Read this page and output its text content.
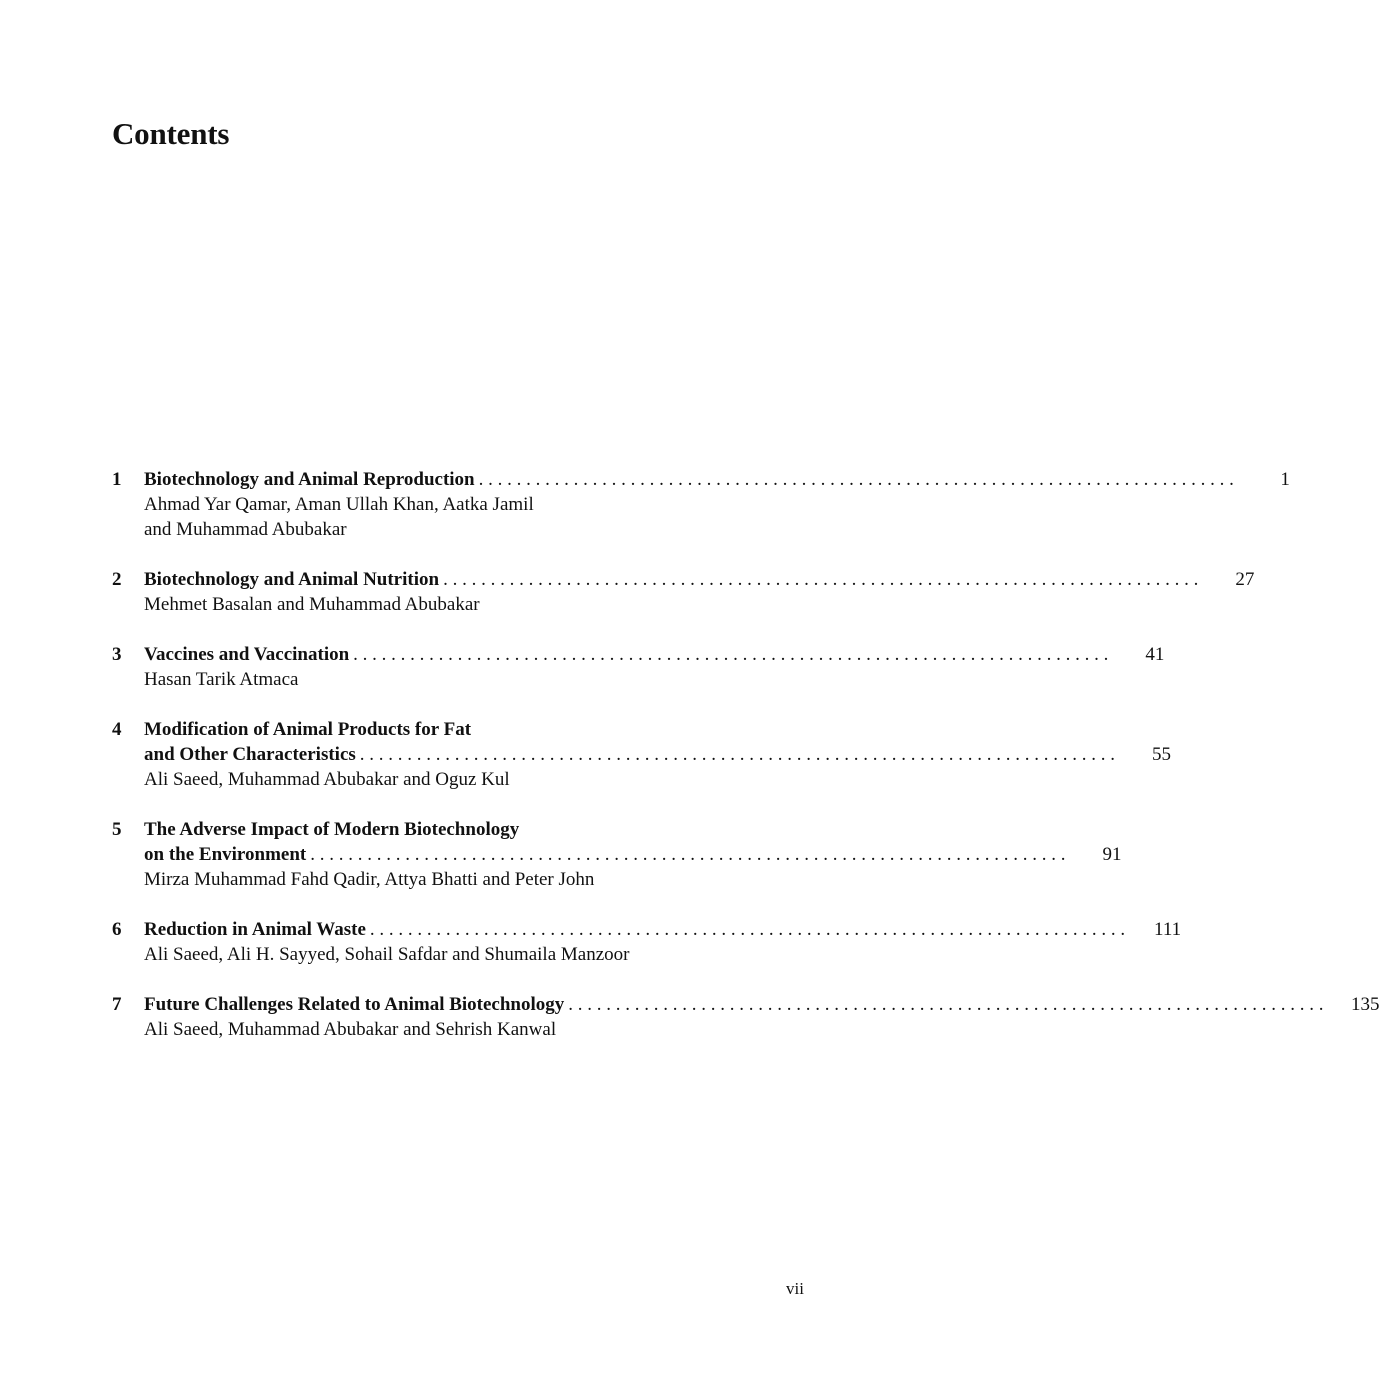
Contents
1	Biotechnology and Animal Reproduction . . . . . . . . . . . . . . . . . . . . . . . . . . . . . . . . . . . . . . . . . . . . . . . . . . . . . . . . . . . . . . . . . . . . . . . . . . . . . . . .	1
Ahmad Yar Qamar, Aman Ullah Khan, Aatka Jamil
and Muhammad Abubakar
2	Biotechnology and Animal Nutrition . . . . . . . . . . . . . . . . . . . . . . . . . . . . . . . . . . . . . . . . . . . . . . . . . . . . . . . . . . . . . . . . . . . . . . . . . . . . . . . .	27
Mehmet Basalan and Muhammad Abubakar
3	Vaccines and Vaccination . . . . . . . . . . . . . . . . . . . . . . . . . . . . . . . . . . . . . . . . . . . . . . . . . . . . . . . . . . . . . . . . . . . . . . . . . . . . . . . .	41
Hasan Tarik Atmaca
4	Modification of Animal Products for Fat
and Other Characteristics . . . . . . . . . . . . . . . . . . . . . . . . . . . . . . . . . . . . . . . . . . . . . . . . . . . . . . . . . . . . . . . . . . . . . . . . . . . . . . . .	55
Ali Saeed, Muhammad Abubakar and Oguz Kul
5	The Adverse Impact of Modern Biotechnology
on the Environment . . . . . . . . . . . . . . . . . . . . . . . . . . . . . . . . . . . . . . . . . . . . . . . . . . . . . . . . . . . . . . . . . . . . . . . . . . . . . . . .	91
Mirza Muhammad Fahd Qadir, Attya Bhatti and Peter John
6	Reduction in Animal Waste . . . . . . . . . . . . . . . . . . . . . . . . . . . . . . . . . . . . . . . . . . . . . . . . . . . . . . . . . . . . . . . . . . . . . . . . . . . . . . . .	111
Ali Saeed, Ali H. Sayyed, Sohail Safdar and Shumaila Manzoor
7	Future Challenges Related to Animal Biotechnology . . . . . . . . . . . . . . . . . . . . . . . . . . . . . . . . . . . . . . . . . . . . . . . . . . . . . . . . . . . . . . . . . . . . . . . . . . . . . . . .	135
Ali Saeed, Muhammad Abubakar and Sehrish Kanwal
vii
